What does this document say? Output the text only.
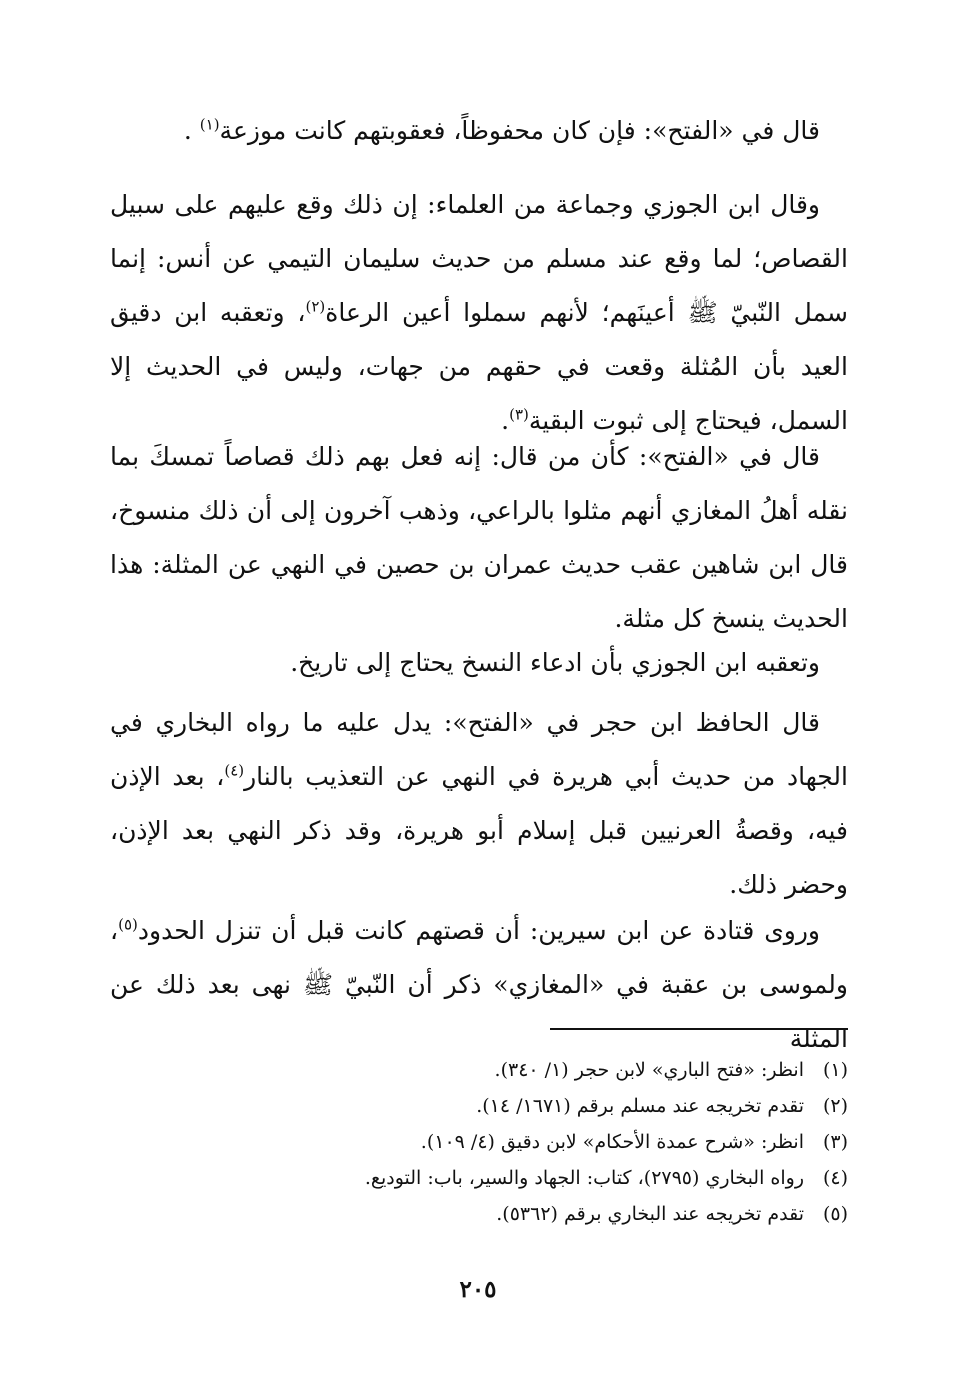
قال في «الفتح»: فإن كان محفوظاً، فعقوبتهم كانت موزعة$^{(١)}$ .

وقال ابن الجوزي وجماعة من العلماء: إن ذلك وقع عليهم على سبيل القصاص؛ لما وقع عند مسلم من حديث سليمان التيمي عن أنس: إنما سمل النّبيّ ﷺ أعينَهم؛ لأنهم سملوا أعين الرعاة$^{(٢)}$، وتعقبه ابن دقيق العيد بأن المُثلة وقعت في حقهم من جهات، وليس في الحديث إلا السمل، فيحتاج إلى ثبوت البقية$^{(٣)}$.

قال في «الفتح»: كأن من قال: إنه فعل بهم ذلك قصاصاً تمسكَ بما نقله أهلُ المغازي أنهم مثلوا بالراعي، وذهب آخرون إلى أن ذلك منسوخ، قال ابن شاهين عقب حديث عمران بن حصين في النهي عن المثلة: هذا الحديث ينسخ كل مثلة.

وتعقبه ابن الجوزي بأن ادعاء النسخ يحتاج إلى تاريخ.

قال الحافظ ابن حجر في «الفتح»: يدل عليه ما رواه البخاري في الجهاد من حديث أبي هريرة في النهي عن التعذيب بالنار$^{(٤)}$، بعد الإذن فيه، وقصةُ العرنيين قبل إسلام أبو هريرة، وقد ذكر النهي بعد الإذن، وحضر ذلك.

وروى قتادة عن ابن سيرين: أن قصتهم كانت قبل أن تنزل الحدود$^{(٥)}$، ولموسى بن عقبة في «المغازي» ذكر أن النّبيّ ﷺ نهى بعد ذلك عن المثلة

(١)
انظر: «فتح الباري» لابن حجر (١/ ٣٤٠).
(٢)
تقدم تخريجه عند مسلم برقم (١٦٧١/ ١٤).
(٣)
انظر: «شرح عمدة الأحكام» لابن دقيق (٤/ ١٠٩).
(٤)
رواه البخاري (٢٧٩٥)، كتاب: الجهاد والسير، باب: التوديع.
(٥)
تقدم تخريجه عند البخاري برقم (٥٣٦٢).
٢٠٥
